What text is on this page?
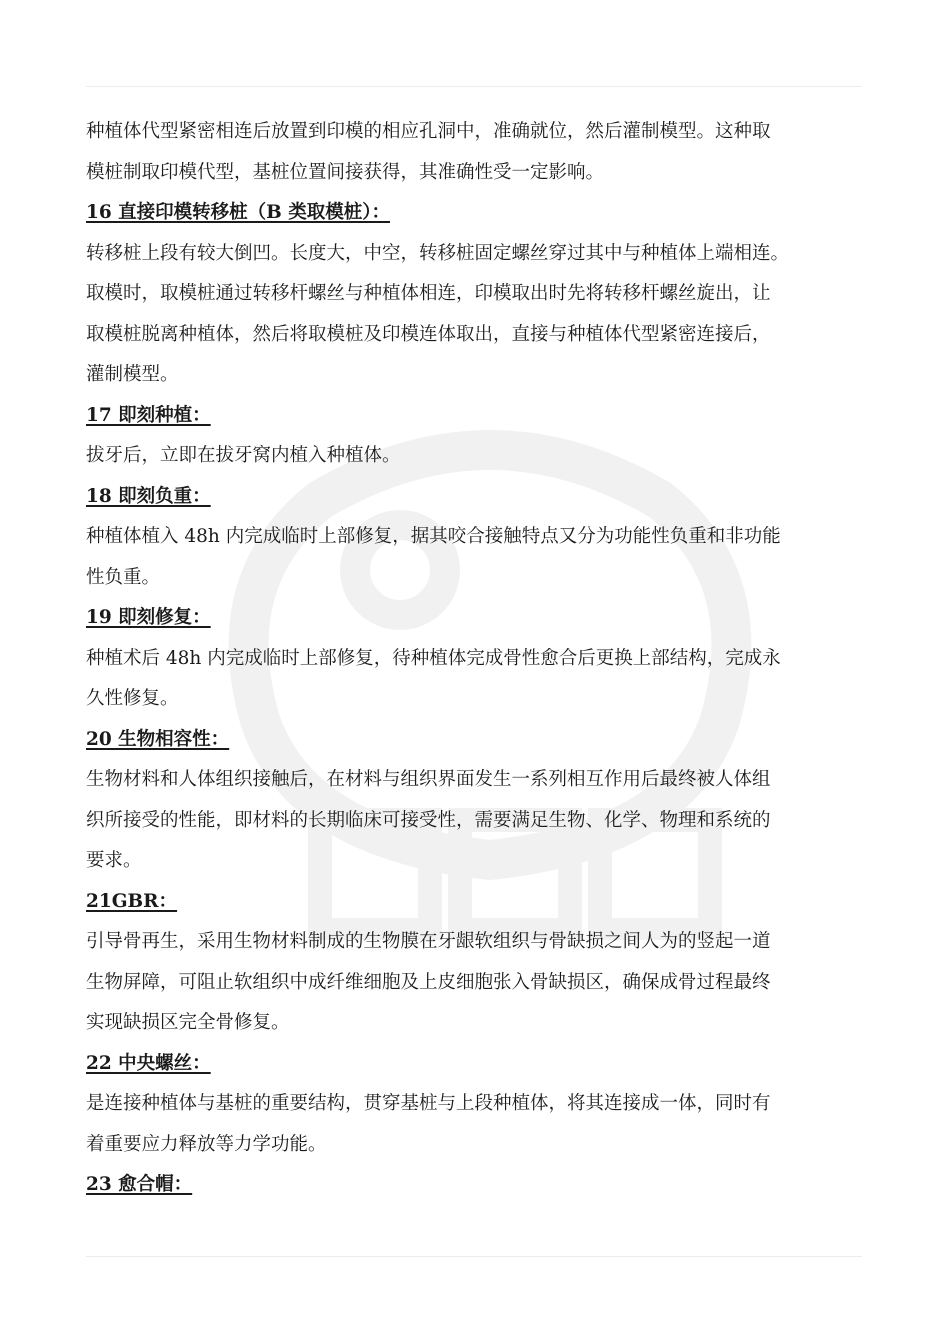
种植体代型紧密相连后放置到印模的相应孔洞中，准确就位，然后灌制模型。这种取

模桩制取印模代型，基桩位置间接获得，其准确性受一定影响。

16 直接印模转移桩（B 类取模桩）：

转移桩上段有较大倒凹。长度大，中空，转移桩固定螺丝穿过其中与种植体上端相连。

取模时，取模桩通过转移杆螺丝与种植体相连，印模取出时先将转移杆螺丝旋出，让

取模桩脱离种植体，然后将取模桩及印模连体取出，直接与种植体代型紧密连接后，

灌制模型。

17 即刻种植：

拔牙后，立即在拔牙窝内植入种植体。

18 即刻负重：

种植体植入 48h 内完成临时上部修复，据其咬合接触特点又分为功能性负重和非功能

性负重。

19 即刻修复：

种植术后 48h 内完成临时上部修复，待种植体完成骨性愈合后更换上部结构，完成永

久性修复。

20 生物相容性：

生物材料和人体组织接触后，在材料与组织界面发生一系列相互作用后最终被人体组

织所接受的性能，即材料的长期临床可接受性，需要满足生物、化学、物理和系统的

要求。

21GBR：

引导骨再生，采用生物材料制成的生物膜在牙龈软组织与骨缺损之间人为的竖起一道

生物屏障，可阻止软组织中成纤维细胞及上皮细胞张入骨缺损区，确保成骨过程最终

实现缺损区完全骨修复。

22 中央螺丝：

是连接种植体与基桩的重要结构，贯穿基桩与上段种植体，将其连接成一体，同时有

着重要应力释放等力学功能。

23 愈合帽：
